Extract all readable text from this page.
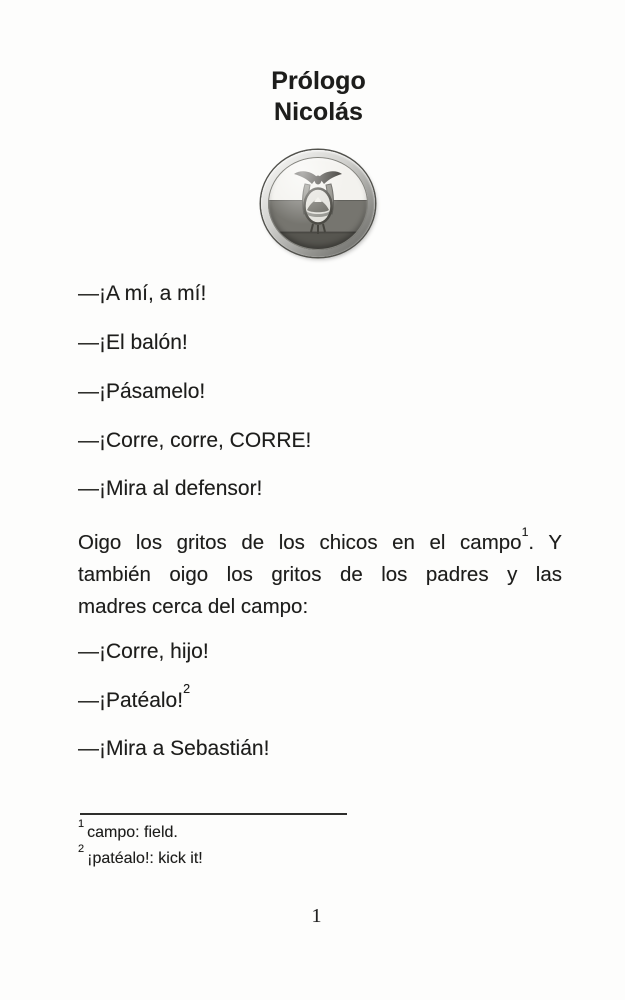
Prólogo
Nicolás

—¡A mí, a mí!

—¡El balón!

—¡Pásamelo!

—¡Corre, corre, CORRE!

—¡Mira al defensor!

Oigo los gritos de los chicos en el campo$^1$. Y
también oigo los gritos de los padres y las
madres cerca del campo:

—¡Corre, hijo!

—¡Patéalo!$^2$

—¡Mira a Sebastián!

$^1$campo: field.
$^2$¡patéalo!: kick it!
1
